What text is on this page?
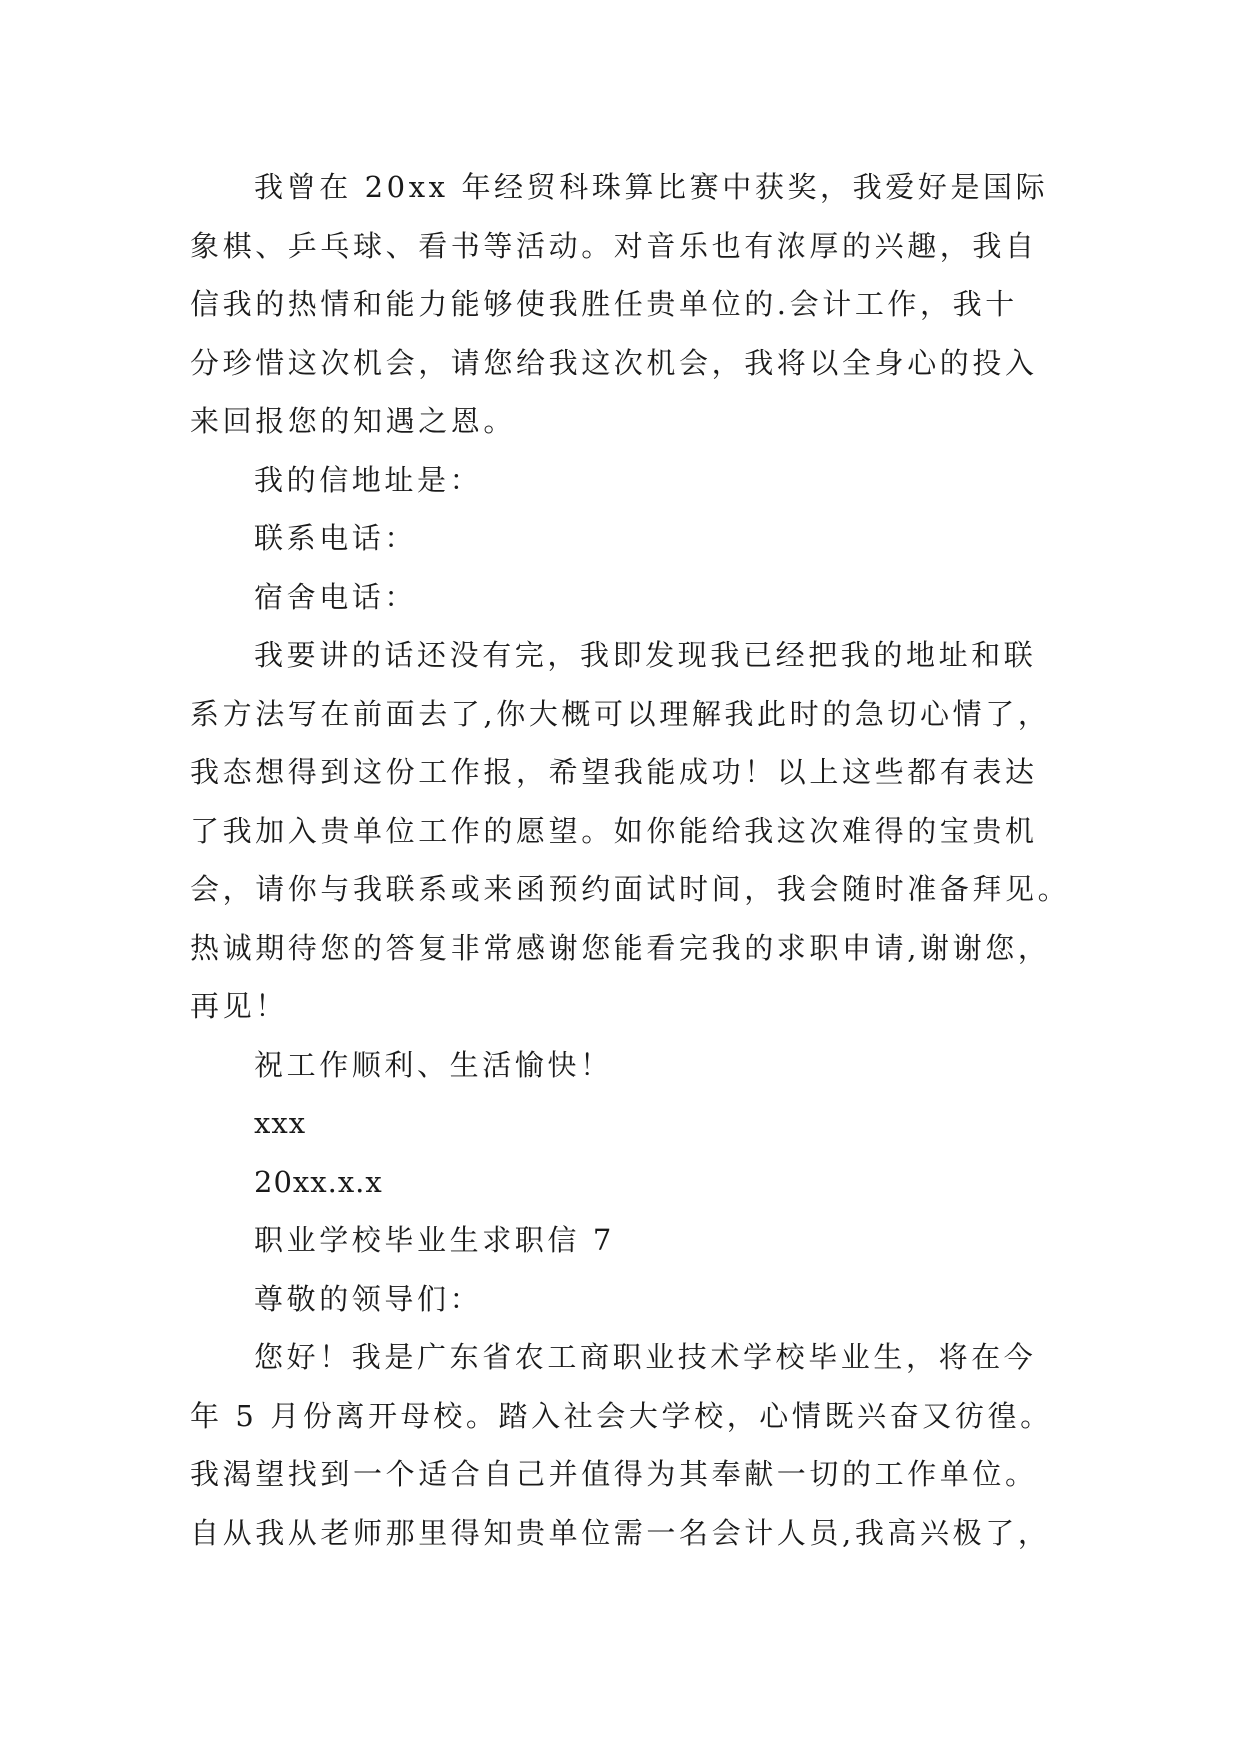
我曾在 20xx 年经贸科珠算比赛中获奖，我爱好是国际
象棋、乒乓球、看书等活动。对音乐也有浓厚的兴趣，我自
信我的热情和能力能够使我胜任贵单位的.会计工作，我十
分珍惜这次机会，请您给我这次机会，我将以全身心的投入
来回报您的知遇之恩。
我的信地址是：
联系电话：
宿舍电话：
我要讲的话还没有完，我即发现我已经把我的地址和联
系方法写在前面去了,你大概可以理解我此时的急切心情了，
我态想得到这份工作报，希望我能成功！以上这些都有表达
了我加入贵单位工作的愿望。如你能给我这次难得的宝贵机
会，请你与我联系或来函预约面试时间，我会随时准备拜见。
热诚期待您的答复非常感谢您能看完我的求职申请,谢谢您，
再见！
祝工作顺利、生活愉快！
xxx
20xx.x.x
职业学校毕业生求职信 7
尊敬的领导们：
您好！我是广东省农工商职业技术学校毕业生，将在今
年 5 月份离开母校。踏入社会大学校，心情既兴奋又彷徨。
我渴望找到一个适合自己并值得为其奉献一切的工作单位。
自从我从老师那里得知贵单位需一名会计人员,我高兴极了，
